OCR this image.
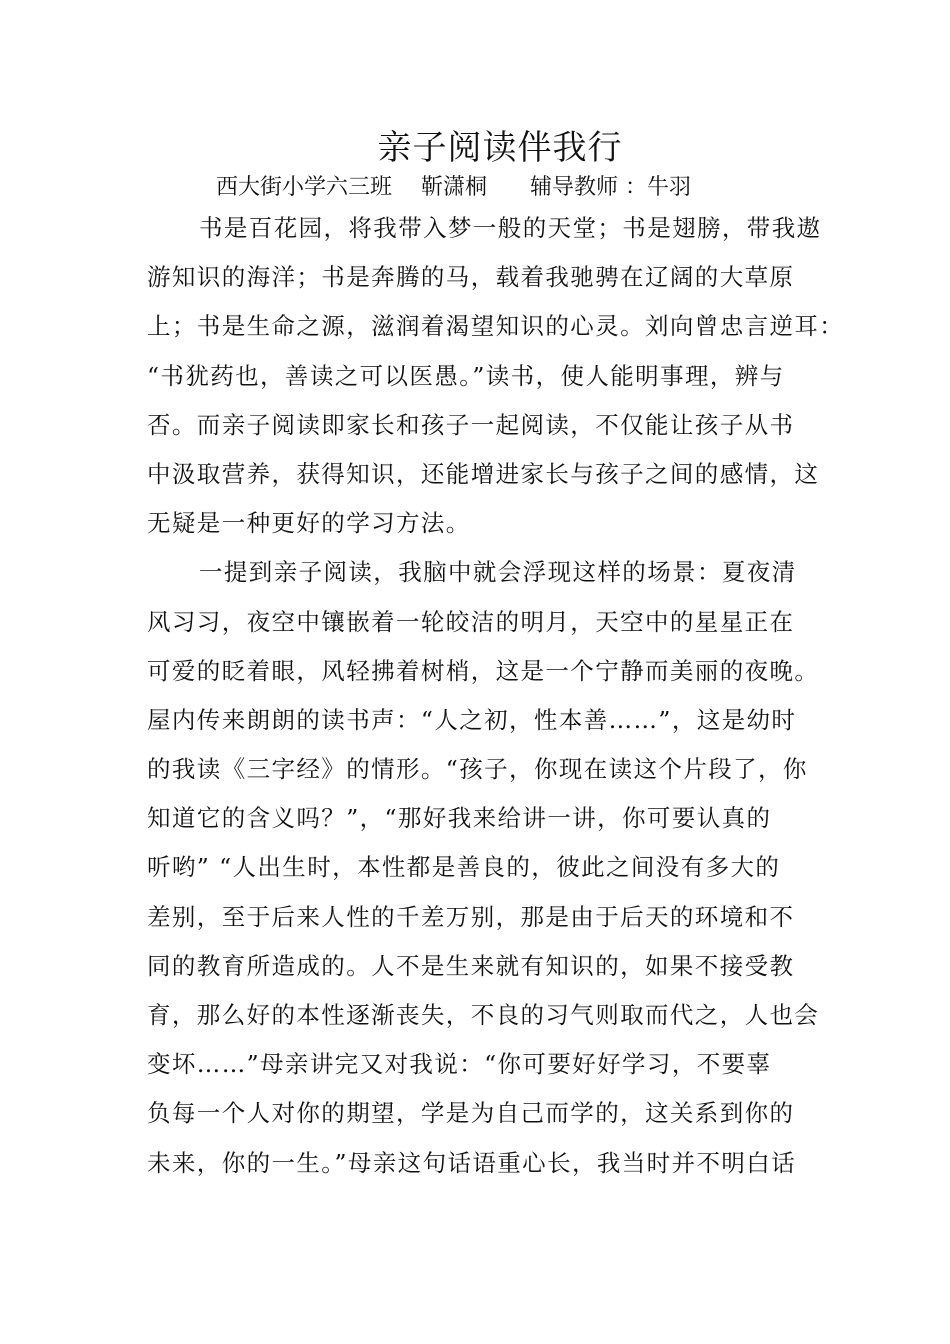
亲子阅读伴我行
西大街小学六三班 靳潇桐 辅导教师 ：牛羽
书是百花园，将我带入梦一般的天堂；书是翅膀，带我遨
游知识的海洋；书是奔腾的马，载着我驰骋在辽阔的大草原
上；书是生命之源，滋润着渴望知识的心灵。刘向曾忠言逆耳：
“书犹药也，善读之可以医愚。”读书，使人能明事理，辨与
否。而亲子阅读即家长和孩子一起阅读，不仅能让孩子从书
中汲取营养，获得知识，还能增进家长与孩子之间的感情，这
无疑是一种更好的学习方法。
一提到亲子阅读，我脑中就会浮现这样的场景：夏夜清
风习习，夜空中镶嵌着一轮皎洁的明月，天空中的星星正在
可爱的眨着眼，风轻拂着树梢，这是一个宁静而美丽的夜晚。
屋内传来朗朗的读书声：“人之初，性本善……”，这是幼时
的我读《三字经》的情形。“孩子，你现在读这个片段了，你
知道它的含义吗？”，“那好我来给讲一讲，你可要认真的
听哟” “人出生时，本性都是善良的，彼此之间没有多大的
差别，至于后来人性的千差万别，那是由于后天的环境和不
同的教育所造成的。人不是生来就有知识的，如果不接受教
育，那么好的本性逐渐丧失，不良的习气则取而代之，人也会
变坏……”母亲讲完又对我说：“你可要好好学习，不要辜
负每一个人对你的期望，学是为自己而学的，这关系到你的
未来，你的一生。”母亲这句话语重心长，我当时并不明白话
